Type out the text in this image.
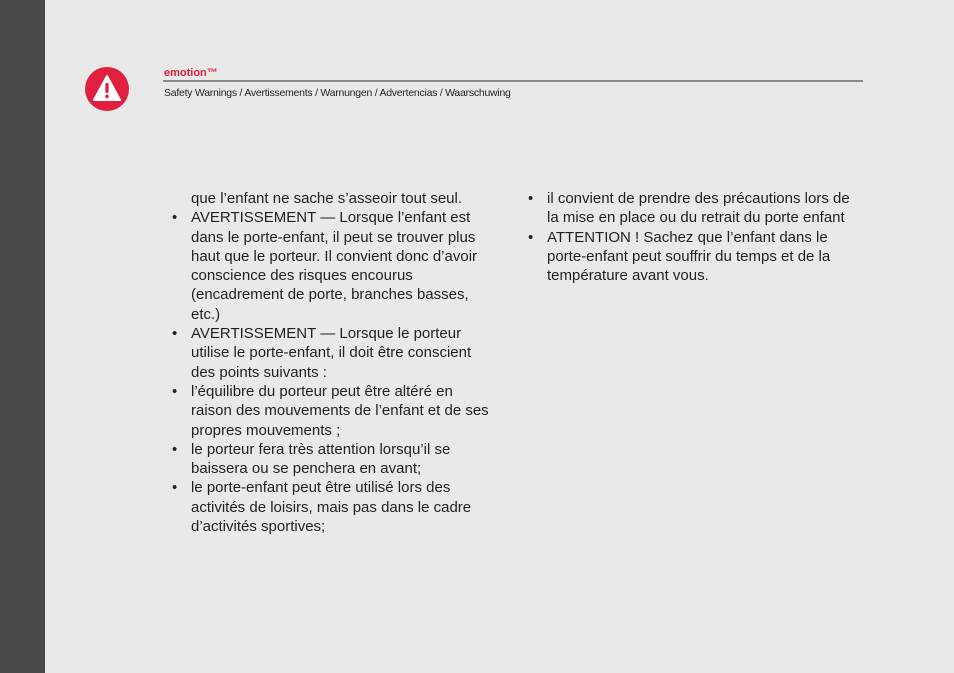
emotion™
Safety Warnings / Avertissements / Warnungen / Advertencias / Waarschuwing
que l’enfant ne sache s’asseoir tout seul.
• AVERTISSEMENT — Lorsque l’enfant est dans le porte-enfant, il peut se trouver plus haut que le porteur. Il convient donc d’avoir conscience des risques encourus (encadrement de porte, branches basses, etc.)
• AVERTISSEMENT — Lorsque le porteur utilise le porte-enfant, il doit être conscient des points suivants :
• l’équilibre du porteur peut être altéré en raison des mouvements de l’enfant et de ses propres mouvements ;
• le porteur fera très attention lorsqu’il se baissera ou se penchera en avant;
• le porte-enfant peut être utilisé lors des activités de loisirs, mais pas dans le cadre d’activités sportives;
• il convient de prendre des précautions lors de la mise en place ou du retrait du porte enfant
• ATTENTION ! Sachez que l’enfant dans le porte-enfant peut souffrir du temps et de la température avant vous.
